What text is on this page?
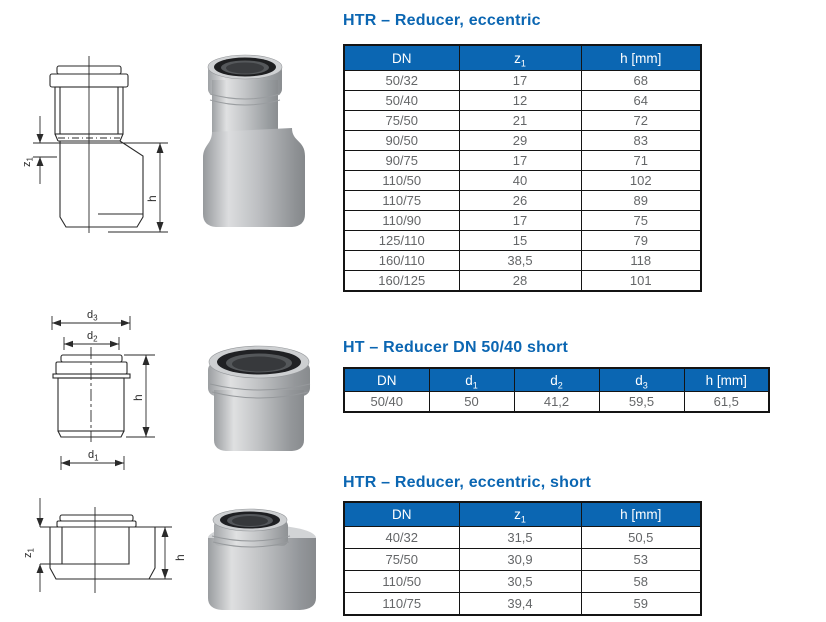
$z_1$
h
HTR – Reducer, eccentric
DN	$z_1$	h [mm]
50/32	17	68
50/40	12	64
75/50	21	72
90/50	29	83
90/75	17	71
110/50	40	102
110/75	26	89
110/90	17	75
125/110	15	79
160/110	38,5	118
160/125	28	101
$d_3$
$d_2$
h
$d_1$
HT – Reducer DN 50/40 short
DN	$d_1$	$d_2$	$d_3$	h [mm]
50/40	50	41,2	59,5	61,5
$z_1$
h
HTR – Reducer, eccentric, short
DN	$z_1$	h [mm]
40/32	31,5	50,5
75/50	30,9	53
110/50	30,5	58
110/75	39,4	59
